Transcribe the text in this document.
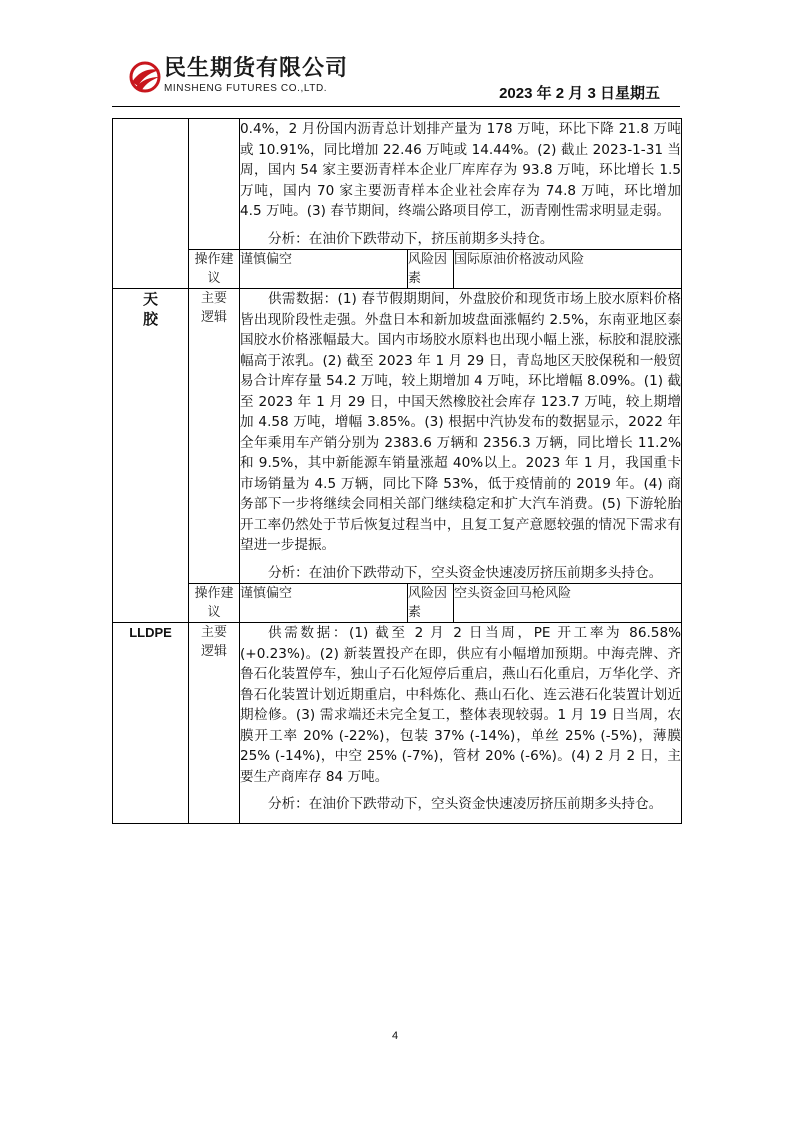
民生期货有限公司
MINSHENG FUTURES CO.,LTD.	2023 年 2 月 3 日星期五

		0.4%，2 月份国内沥青总计划排产量为 178 万吨，环比下降 21.8 万吨或 10.91%，同比增加 22.46 万吨或 14.44%。(2) 截止 2023-1-31 当周，国内 54 家主要沥青样本企业厂库库存为 93.8 万吨，环比增长 1.5 万吨，国内 70 家主要沥青样本企业社会库存为 74.8 万吨，环比增加 4.5 万吨。(3) 春节期间，终端公路项目停工，沥青刚性需求明显走弱。

分析：在油价下跌带动下，挤压前期多头持仓。		

	操作建议	谨慎偏空	风险因素	国际原油价格波动风险
天胶	主要逻辑	供需数据：(1) 春节假期期间，外盘胶价和现货市场上胶水原料价格皆出现阶段性走强。外盘日本和新加坡盘面涨幅约 2.5%，东南亚地区泰国胶水价格涨幅最大。国内市场胶水原料也出现小幅上涨，标胶和混胶涨幅高于浓乳。(2) 截至 2023 年 1 月 29 日，青岛地区天胶保税和一般贸易合计库存量 54.2 万吨，较上期增加 4 万吨，环比增幅 8.09%。(1) 截至 2023 年 1 月 29 日，中国天然橡胶社会库存 123.7 万吨，较上期增加 4.58 万吨，增幅 3.85%。(3) 根据中汽协发布的数据显示，2022 年全年乘用车产销分别为 2383.6 万辆和 2356.3 万辆，同比增长 11.2%和 9.5%，其中新能源车销量涨超 40%以上。2023 年 1 月，我国重卡市场销量为 4.5 万辆，同比下降 53%，低于疫情前的 2019 年。(4) 商务部下一步将继续会同相关部门继续稳定和扩大汽车消费。(5) 下游轮胎开工率仍然处于节后恢复过程当中，且复工复产意愿较强的情况下需求有望进一步提振。

分析：在油价下跌带动下，空头资金快速凌厉挤压前期多头持仓。		

	操作建议	谨慎偏空	风险因素	空头资金回马枪风险
LLDPE	主要逻辑	供需数据：(1) 截至 2 月 2 日当周，PE 开工率为 86.58% (+0.23%)。(2) 新装置投产在即，供应有小幅增加预期。中海壳牌、齐鲁石化装置停车，独山子石化短停后重启，燕山石化重启，万华化学、齐鲁石化装置计划近期重启，中科炼化、燕山石化、连云港石化装置计划近期检修。(3) 需求端还未完全复工，整体表现较弱。1 月 19 日当周，农膜开工率 20% (-22%)，包装 37% (-14%)，单丝 25% (-5%)，薄膜 25% (-14%)，中空 25% (-7%)，管材 20% (-6%)。(4) 2 月 2 日，主要生产商库存 84 万吨。

分析：在油价下跌带动下，空头资金快速凌厉挤压前期多头持仓。		

4
